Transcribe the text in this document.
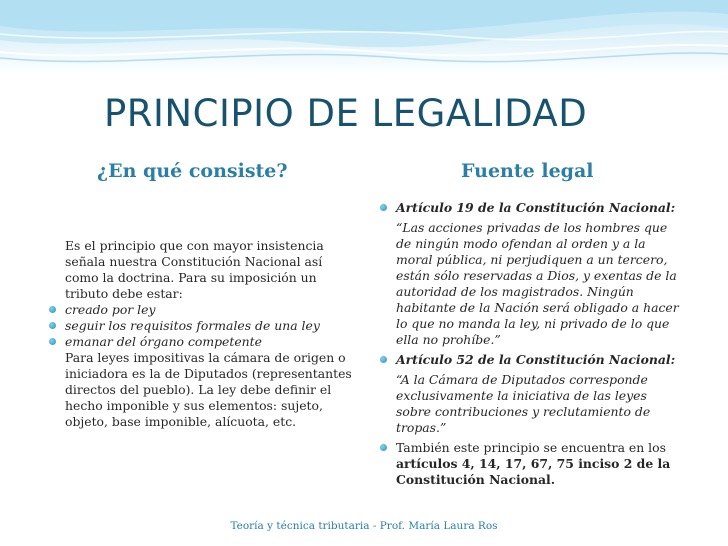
PRINCIPIO DE LEGALIDAD
¿En qué consiste?	Fuente legal

Es el principio que con mayor insistencia señala nuestra Constitución Nacional así como la doctrina. Para su imposición un tributo debe estar:

creado por ley
seguir los requisitos formales de una ley
emanar del órgano competente

Para leyes impositivas la cámara de origen o iniciadora es la de Diputados (representantes directos del pueblo). La ley debe definir el hecho imponible y sus elementos: sujeto, objeto, base imponible, alícuota, etc.

Artículo 19 de la Constitución Nacional:

“Las acciones privadas de los hombres que de ningún modo ofendan al orden y a la moral pública, ni perjudiquen a un tercero, están sólo reservadas a Dios, y exentas de la autoridad de los magistrados. Ningún habitante de la Nación será obligado a hacer lo que no manda la ley, ni privado de lo que ella no prohíbe.”

Artículo 52 de la Constitución Nacional:

“A la Cámara de Diputados corresponde exclusivamente la iniciativa de las leyes sobre contribuciones y reclutamiento de tropas.”

También este principio se encuentra en los artículos 4, 14, 17, 67, 75 inciso 2 de la Constitución Nacional.
Teoría y técnica tributaria - Prof. María Laura Ros
